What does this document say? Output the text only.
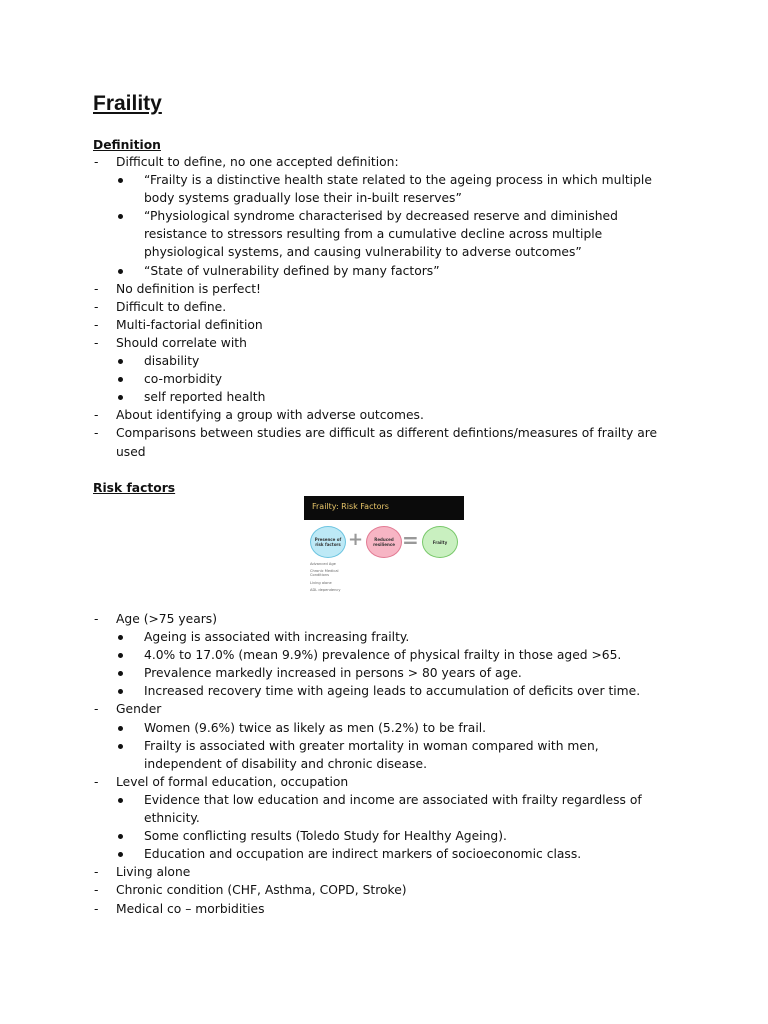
Fraility
Definition
- Difficult to define, no one accepted definition:
“Frailty is a distinctive health state related to the ageing process in which multiple body systems gradually lose their in-built reserves”
“Physiological syndrome characterised by decreased reserve and diminished resistance to stressors resulting from a cumulative decline across multiple physiological systems, and causing vulnerability to adverse outcomes”
“State of vulnerability defined by many factors”
- No definition is perfect!
- Difficult to define.
- Multi-factorial definition
- Should correlate with
disability
co-morbidity
self reported health
- About identifying a group with adverse outcomes.
- Comparisons between studies are difficult as different defintions/measures of frailty are used
Risk factors
Frailty: Risk Factors
Presence of risk factors +	Reduced resilience =	Frailty
Advanced Age
Chronic Medical Conditions
Living alone
ADL dependency
- Age (>75 years)
Ageing is associated with increasing frailty.
4.0% to 17.0% (mean 9.9%) prevalence of physical frailty in those aged >65.
Prevalence markedly increased in persons > 80 years of age.
Increased recovery time with ageing leads to accumulation of deficits over time.
- Gender
Women (9.6%) twice as likely as men (5.2%) to be frail.
Frailty is associated with greater mortality in woman compared with men, independent of disability and chronic disease.
- Level of formal education, occupation
Evidence that low education and income are associated with frailty regardless of ethnicity.
Some conflicting results (Toledo Study for Healthy Ageing).
Education and occupation are indirect markers of socioeconomic class.
- Living alone
- Chronic condition (CHF, Asthma, COPD, Stroke)
- Medical co – morbidities
